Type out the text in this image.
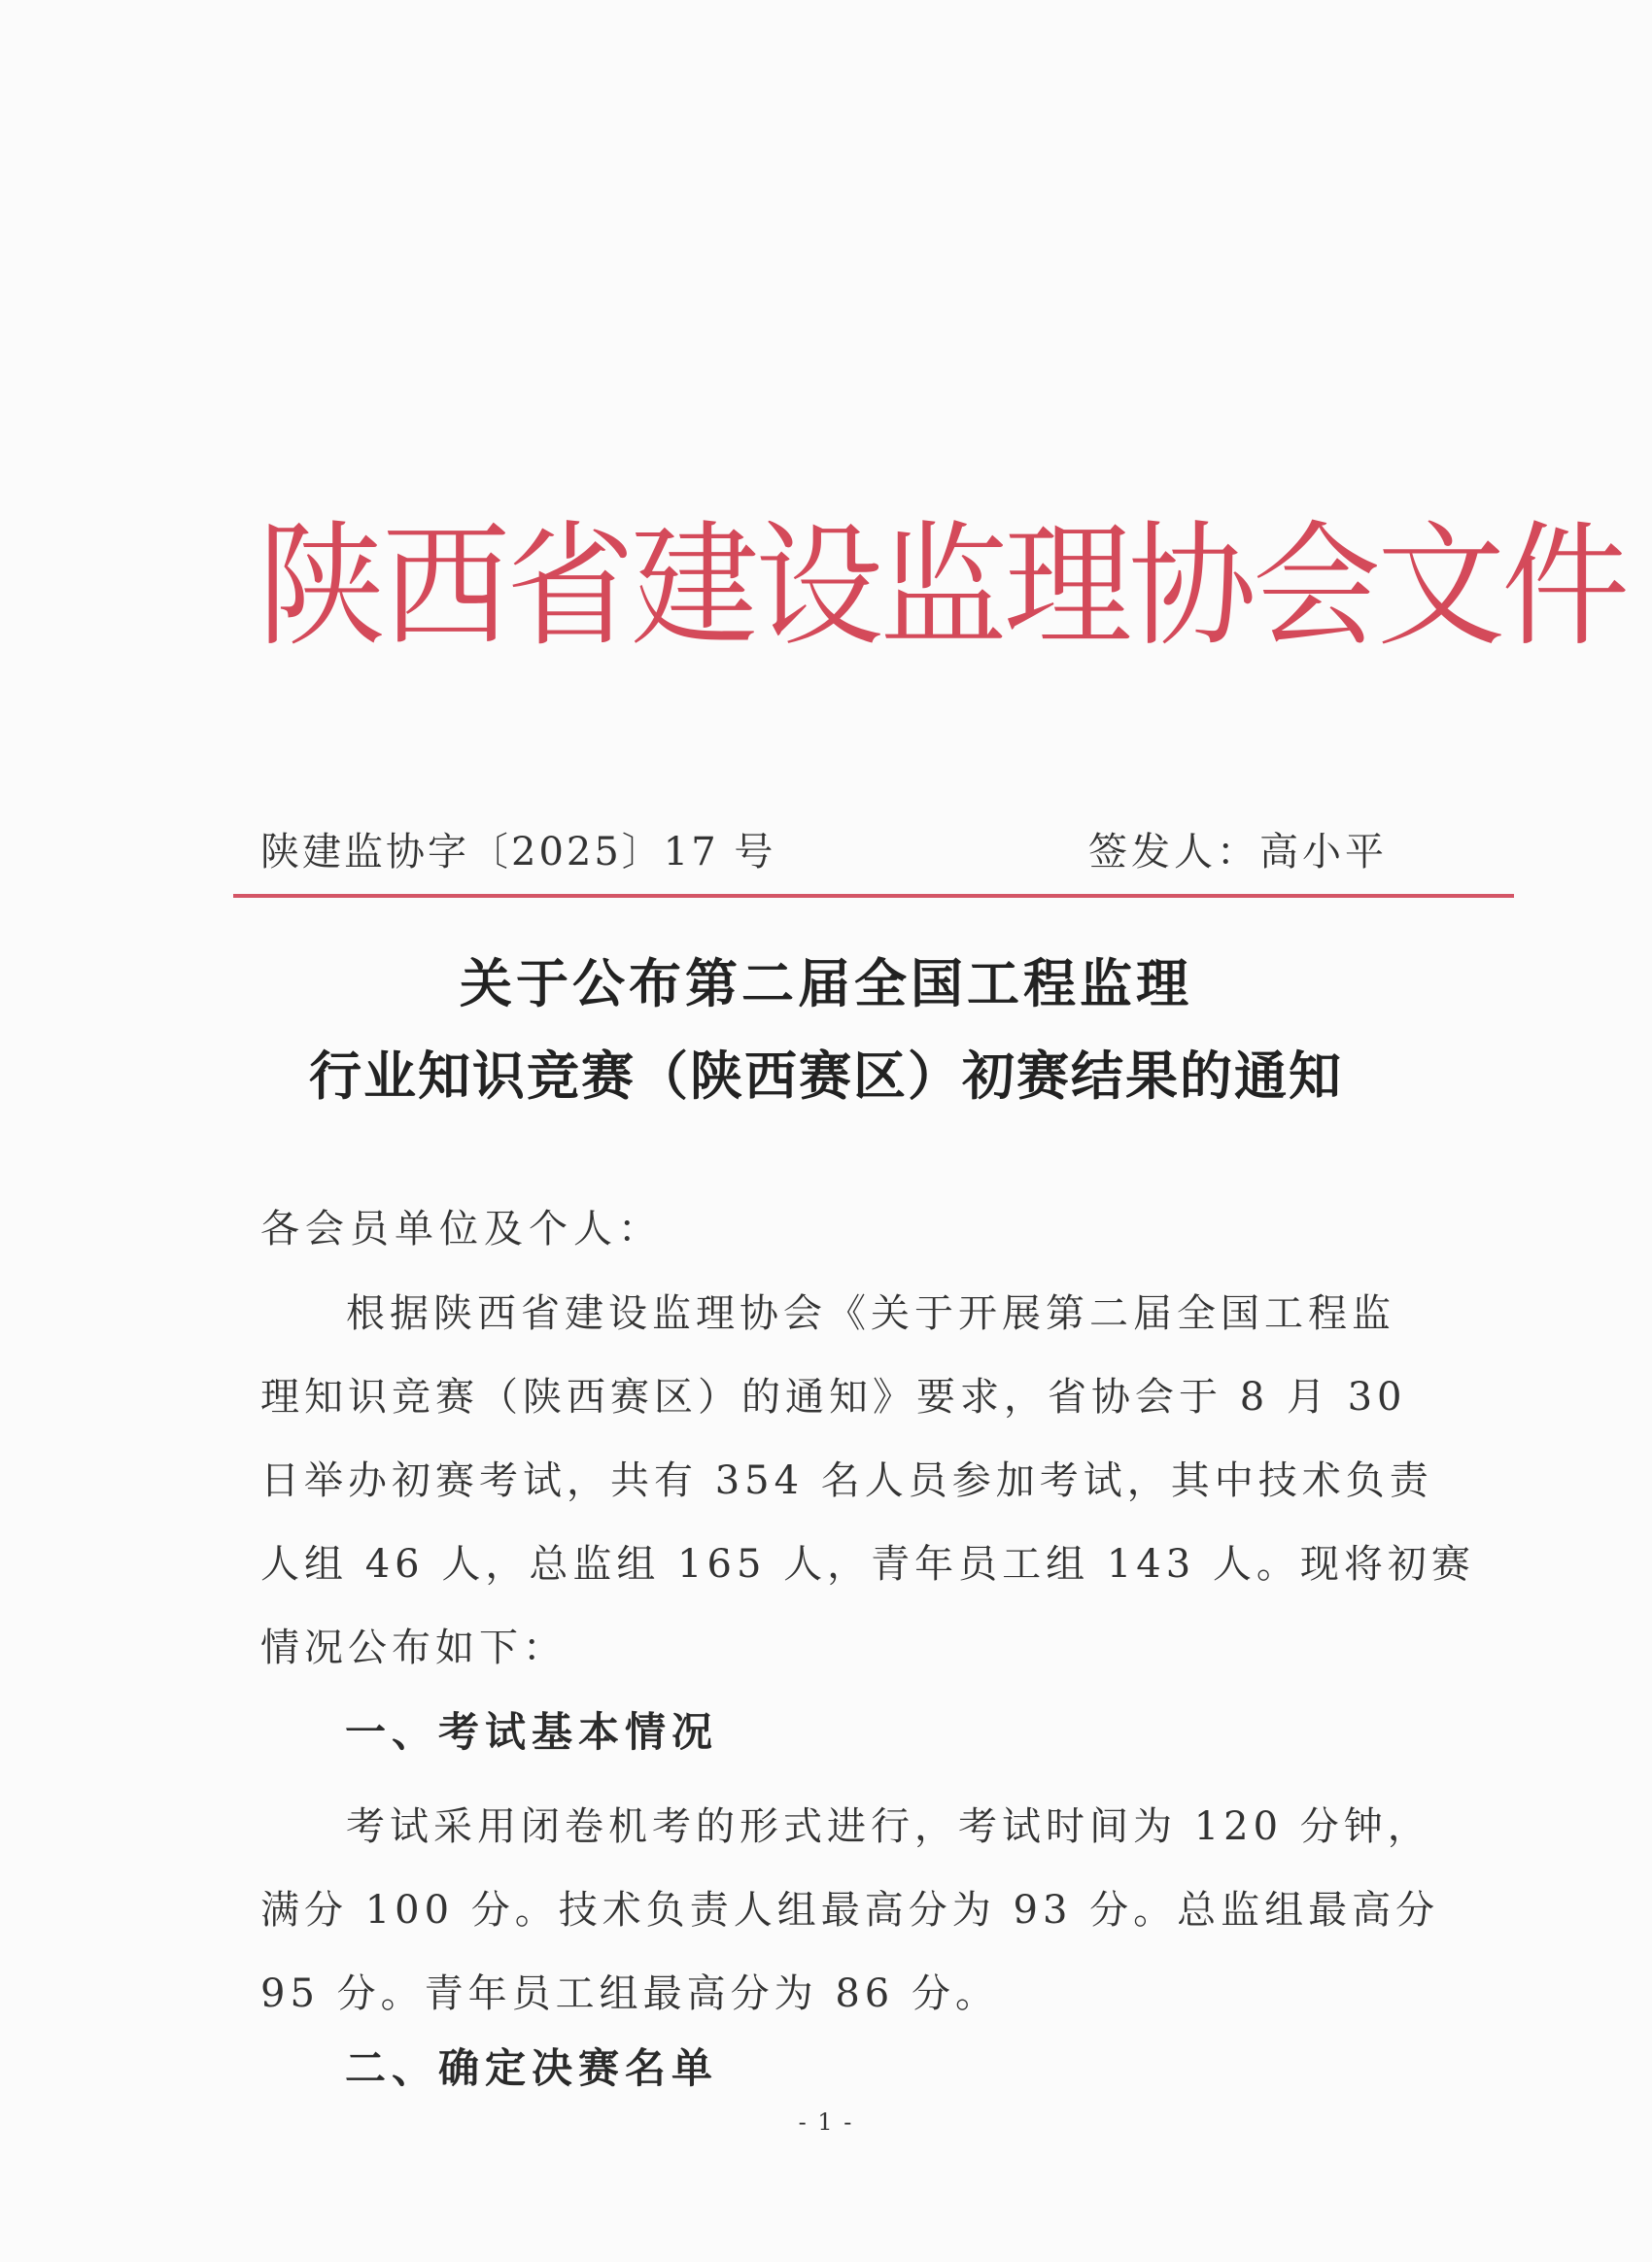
陕西省建设监理协会文件
陕建监协字〔2025〕17 号	签发人：高小平
关于公布第二届全国工程监理
行业知识竞赛（陕西赛区）初赛结果的通知
各会员单位及个人：
根据陕西省建设监理协会《关于开展第二届全国工程监
理知识竞赛（陕西赛区）的通知》要求，省协会于 8 月 30
日举办初赛考试，共有 354 名人员参加考试，其中技术负责
人组 46 人，总监组 165 人，青年员工组 143 人。现将初赛
情况公布如下：
一、考试基本情况
考试采用闭卷机考的形式进行，考试时间为 120 分钟，
满分 100 分。技术负责人组最高分为 93 分。总监组最高分
95 分。青年员工组最高分为 86 分。
二、确定决赛名单
- 1 -
